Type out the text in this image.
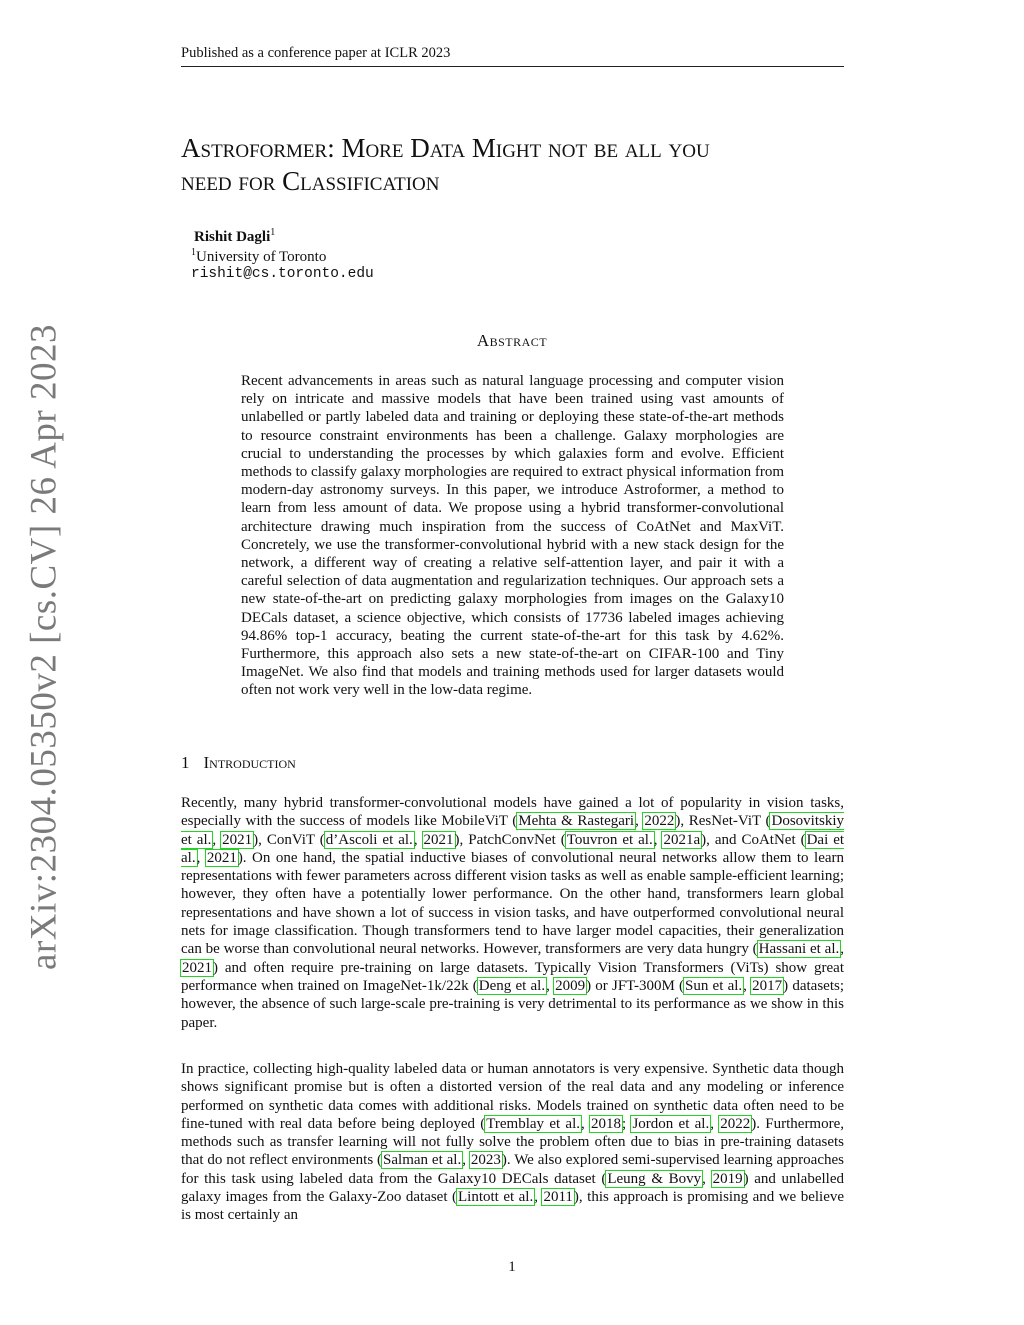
Published as a conference paper at ICLR 2023
arXiv:2304.05350v2 [cs.CV] 26 Apr 2023
Astroformer: More Data Might not be all you
need for Classification
Rishit Dagli$^1$
$^1$University of Toronto
rishit@cs.toronto.edu
Abstract
Recent advancements in areas such as natural language processing and computer vision rely on intricate and massive models that have been trained using vast amounts of unlabelled or partly labeled data and training or deploying these state-of-the-art methods to resource constraint environments has been a challenge. Galaxy morphologies are crucial to understanding the processes by which galaxies form and evolve. Efficient methods to classify galaxy morphologies are required to extract physical information from modern-day astronomy surveys. In this paper, we introduce Astroformer, a method to learn from less amount of data. We propose using a hybrid transformer-convolutional architecture drawing much inspiration from the success of CoAtNet and MaxViT. Concretely, we use the transformer-convolutional hybrid with a new stack design for the network, a different way of creating a relative self-attention layer, and pair it with a careful selection of data augmentation and regularization techniques. Our approach sets a new state-of-the-art on predicting galaxy morphologies from images on the Galaxy10 DECals dataset, a science objective, which consists of 17736 labeled images achieving 94.86% top-1 accuracy, beating the current state-of-the-art for this task by 4.62%. Furthermore, this approach also sets a new state-of-the-art on CIFAR-100 and Tiny ImageNet. We also find that models and training methods used for larger datasets would often not work very well in the low-data regime.
1 Introduction
Recently, many hybrid transformer-convolutional models have gained a lot of popularity in vision tasks, especially with the success of models like MobileViT (Mehta & Rastegari, 2022), ResNet-ViT (Dosovitskiy et al., 2021), ConViT (d’Ascoli et al., 2021), PatchConvNet (Touvron et al., 2021a), and CoAtNet (Dai et al., 2021). On one hand, the spatial inductive biases of convolutional neural networks allow them to learn representations with fewer parameters across different vision tasks as well as enable sample-efficient learning; however, they often have a potentially lower performance. On the other hand, transformers learn global representations and have shown a lot of success in vision tasks, and have outperformed convolutional neural nets for image classification. Though transformers tend to have larger model capacities, their generalization can be worse than convolutional neural networks. However, transformers are very data hungry (Hassani et al., 2021) and often require pre-training on large datasets. Typically Vision Transformers (ViTs) show great performance when trained on ImageNet-1k/22k (Deng et al., 2009) or JFT-300M (Sun et al., 2017) datasets; however, the absence of such large-scale pre-training is very detrimental to its performance as we show in this paper.
In practice, collecting high-quality labeled data or human annotators is very expensive. Synthetic data though shows significant promise but is often a distorted version of the real data and any modeling or inference performed on synthetic data comes with additional risks. Models trained on synthetic data often need to be fine-tuned with real data before being deployed (Tremblay et al., 2018; Jordon et al., 2022). Furthermore, methods such as transfer learning will not fully solve the problem often due to bias in pre-training datasets that do not reflect environments (Salman et al., 2023). We also explored semi-supervised learning approaches for this task using labeled data from the Galaxy10 DECals dataset (Leung & Bovy, 2019) and unlabelled galaxy images from the Galaxy-Zoo dataset (Lintott et al., 2011), this approach is promising and we believe is most certainly an
1
